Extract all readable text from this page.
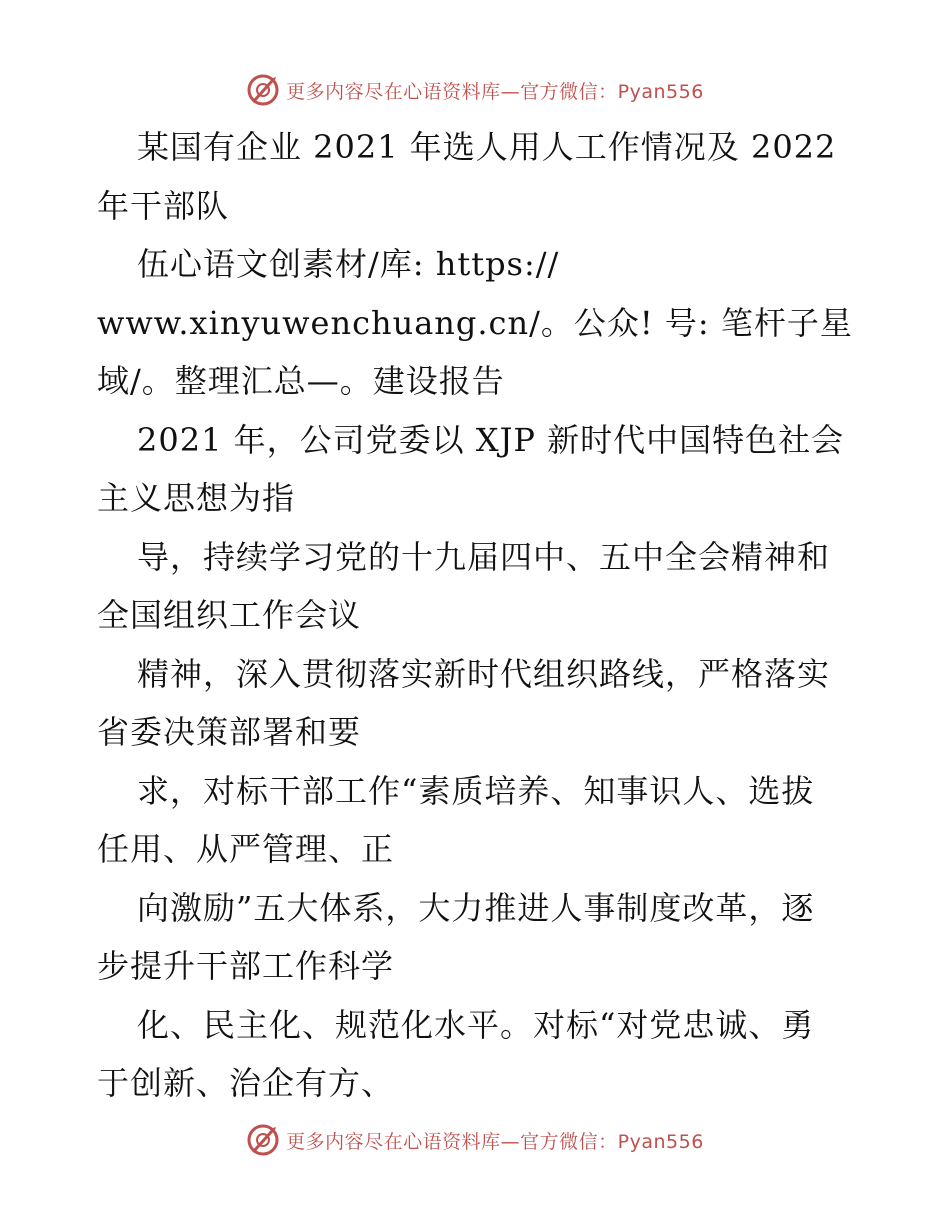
更多内容尽在心语资料库—官方微信：Pyan556

某国有企业 2021 年选人用人工作情况及 2022
年干部队

伍心语文创素材/库: https://
www.xinyuwenchuang.cn/。公众! 号: 笔杆子星
域/。整理汇总—。建设报告

2021 年，公司党委以 XJP 新时代中国特色社会
主义思想为指

导，持续学习党的十九届四中、五中全会精神和
全国组织工作会议

精神，深入贯彻落实新时代组织路线，严格落实
省委决策部署和要

求，对标干部工作“素质培养、知事识人、选拔
任用、从严管理、正

向激励”五大体系，大力推进人事制度改革，逐
步提升干部工作科学

化、民主化、规范化水平。对标“对党忠诚、勇
于创新、治企有方、

更多内容尽在心语资料库—官方微信：Pyan556
